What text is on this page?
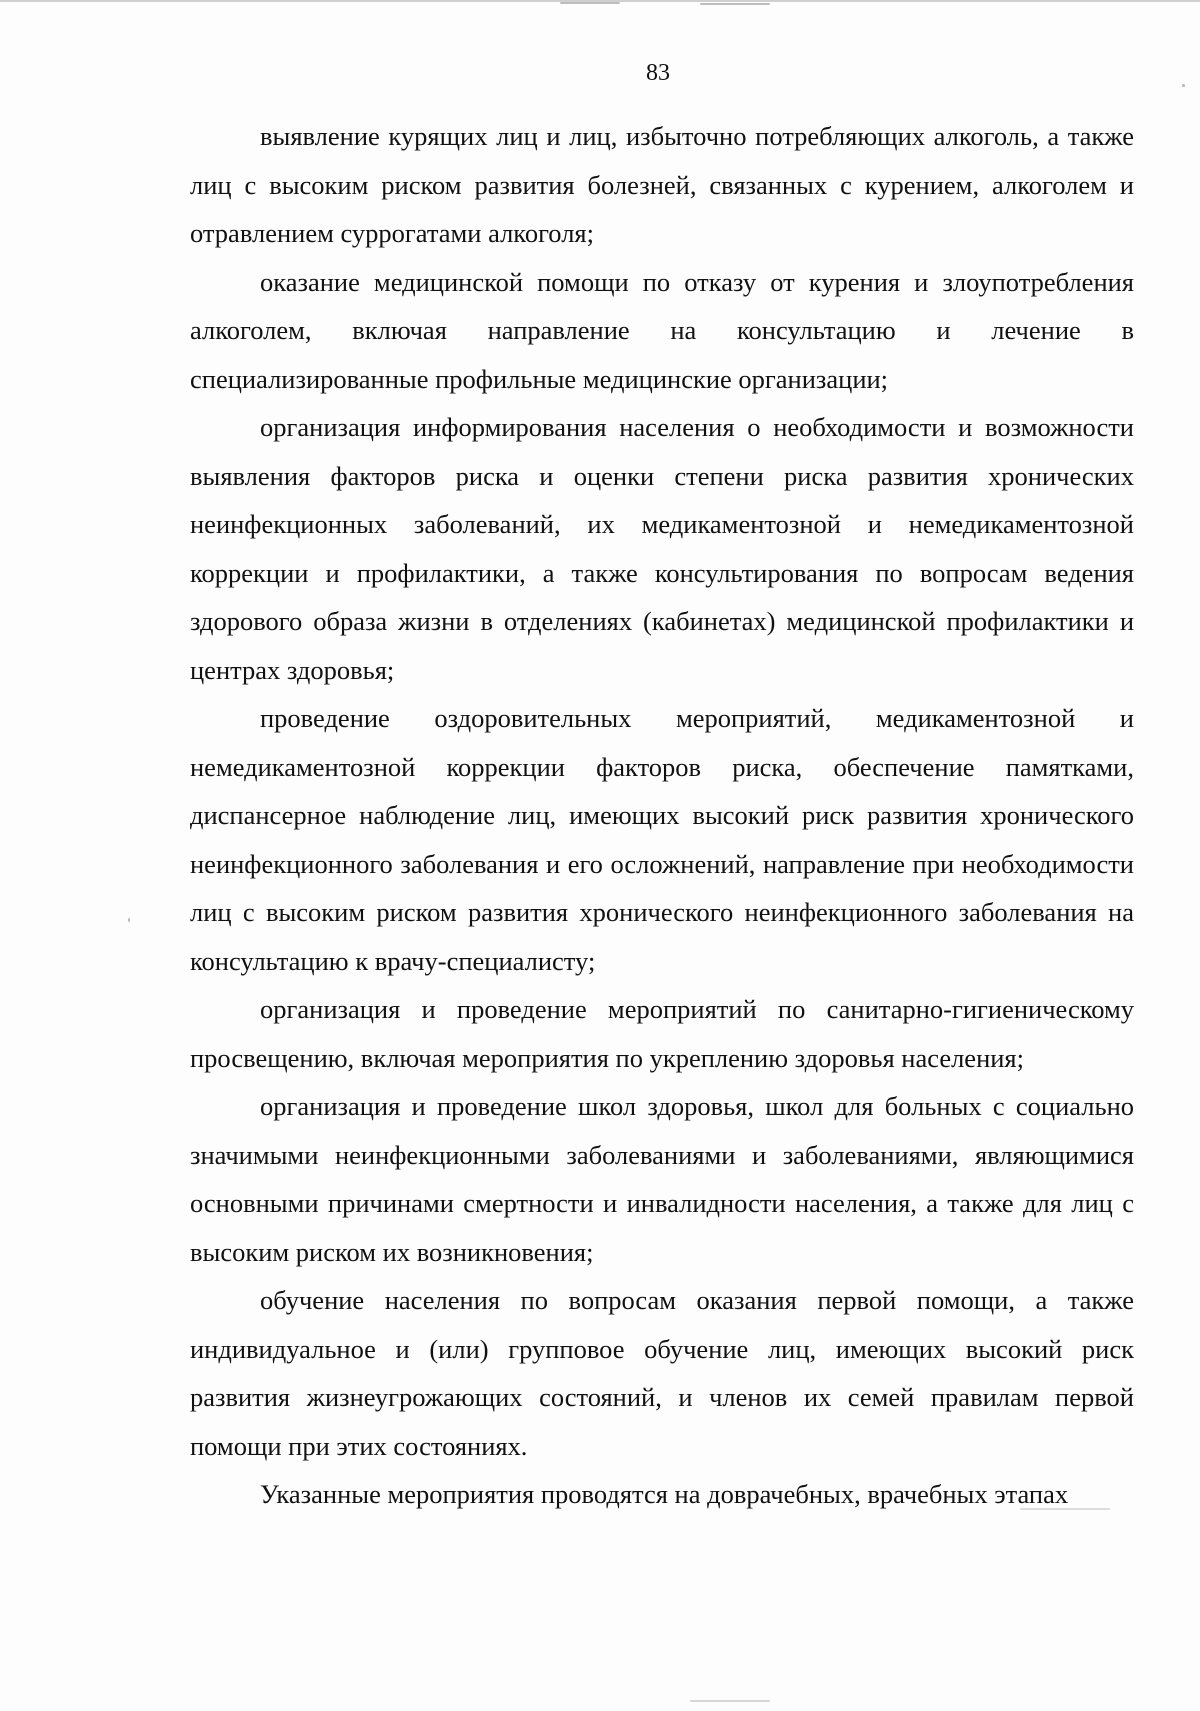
83

выявление курящих лиц и лиц, избыточно потребляющих алкоголь, а также лиц с высоким риском развития болезней, связанных с курением, алкоголем и отравлением суррогатами алкоголя;

оказание медицинской помощи по отказу от курения и злоупотребления алкоголем, включая направление на консультацию и лечение в специализированные профильные медицинские организации;

организация информирования населения о необходимости и возможности выявления факторов риска и оценки степени риска развития хронических неинфекционных заболеваний, их медикаментозной и немедикаментозной коррекции и профилактики, а также консультирования по вопросам ведения здорового образа жизни в отделениях (кабинетах) медицинской профилактики и центрах здоровья;

проведение оздоровительных мероприятий, медикаментозной и немедикаментозной коррекции факторов риска, обеспечение памятками, диспансерное наблюдение лиц, имеющих высокий риск развития хронического неинфекционного заболевания и его осложнений, направление при необходимости лиц с высоким риском развития хронического неинфекционного заболевания на консультацию к врачу-специалисту;

организация и проведение мероприятий по санитарно-гигиеническому просвещению, включая мероприятия по укреплению здоровья населения;

организация и проведение школ здоровья, школ для больных с социально значимыми неинфекционными заболеваниями и заболеваниями, являющимися основными причинами смертности и инвалидности населения, а также для лиц с высоким риском их возникновения;

обучение населения по вопросам оказания первой помощи, а также индивидуальное и (или) групповое обучение лиц, имеющих высокий риск развития жизнеугрожающих состояний, и членов их семей правилам первой помощи при этих состояниях.

Указанные мероприятия проводятся на доврачебных, врачебных этапах
